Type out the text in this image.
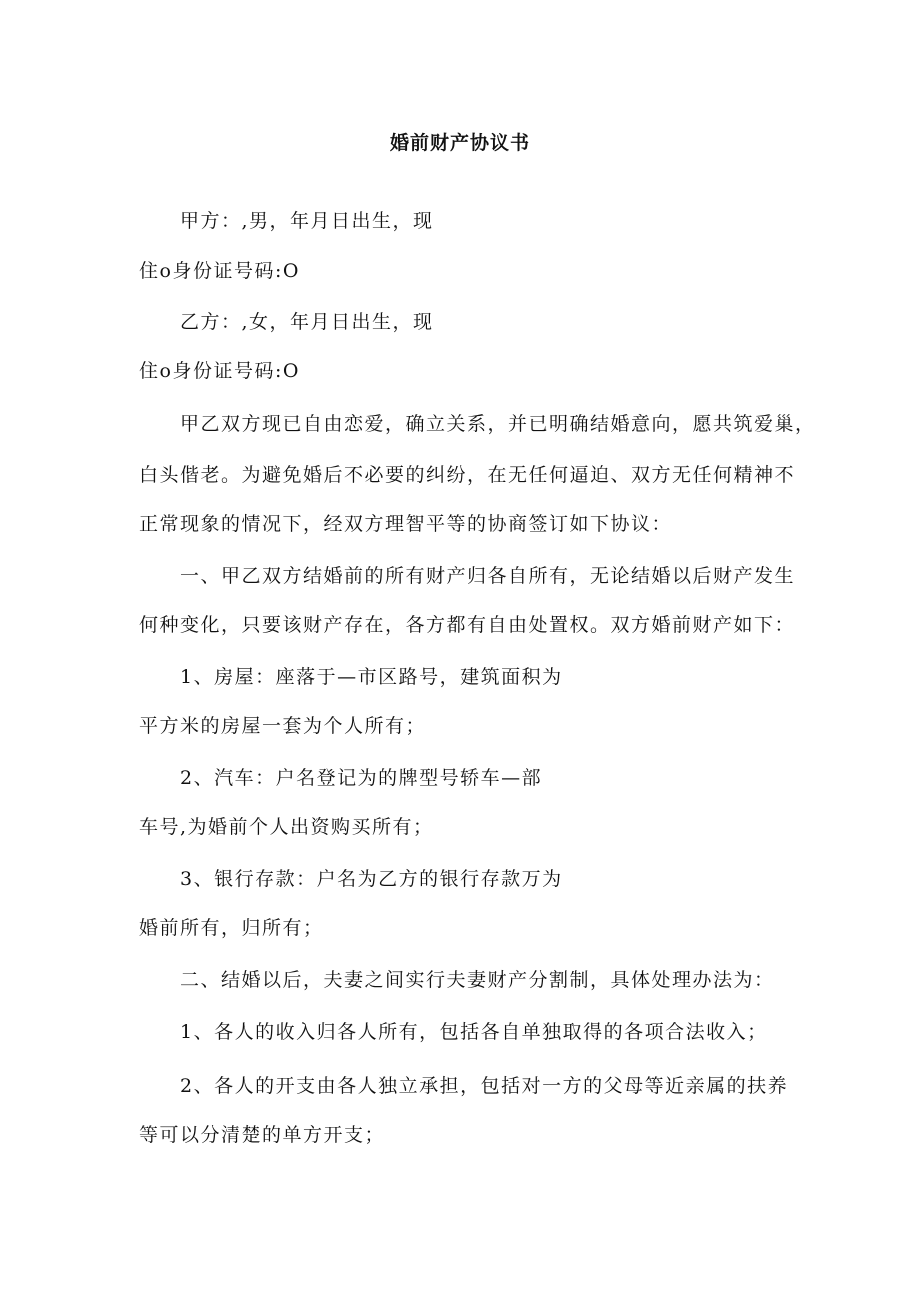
婚前财产协议书
甲方：,男，年月日出生，现
住o身份证号码:O
乙方：,女，年月日出生，现
住o身份证号码:O
甲乙双方现已自由恋爱，确立关系，并已明确结婚意向，愿共筑爱巢，
白头偕老。为避免婚后不必要的纠纷，在无任何逼迫、双方无任何精神不
正常现象的情况下，经双方理智平等的协商签订如下协议：
一、甲乙双方结婚前的所有财产归各自所有，无论结婚以后财产发生
何种变化，只要该财产存在，各方都有自由处置权。双方婚前财产如下：
1、房屋：座落于—市区路号，建筑面积为
平方米的房屋一套为个人所有；
2、汽车：户名登记为的牌型号轿车—部
车号,为婚前个人出资购买所有；
3、银行存款：户名为乙方的银行存款万为
婚前所有，归所有；
二、结婚以后，夫妻之间实行夫妻财产分割制，具体处理办法为：
1、各人的收入归各人所有，包括各自单独取得的各项合法收入；
2、各人的开支由各人独立承担，包括对一方的父母等近亲属的扶养
等可以分清楚的单方开支；
